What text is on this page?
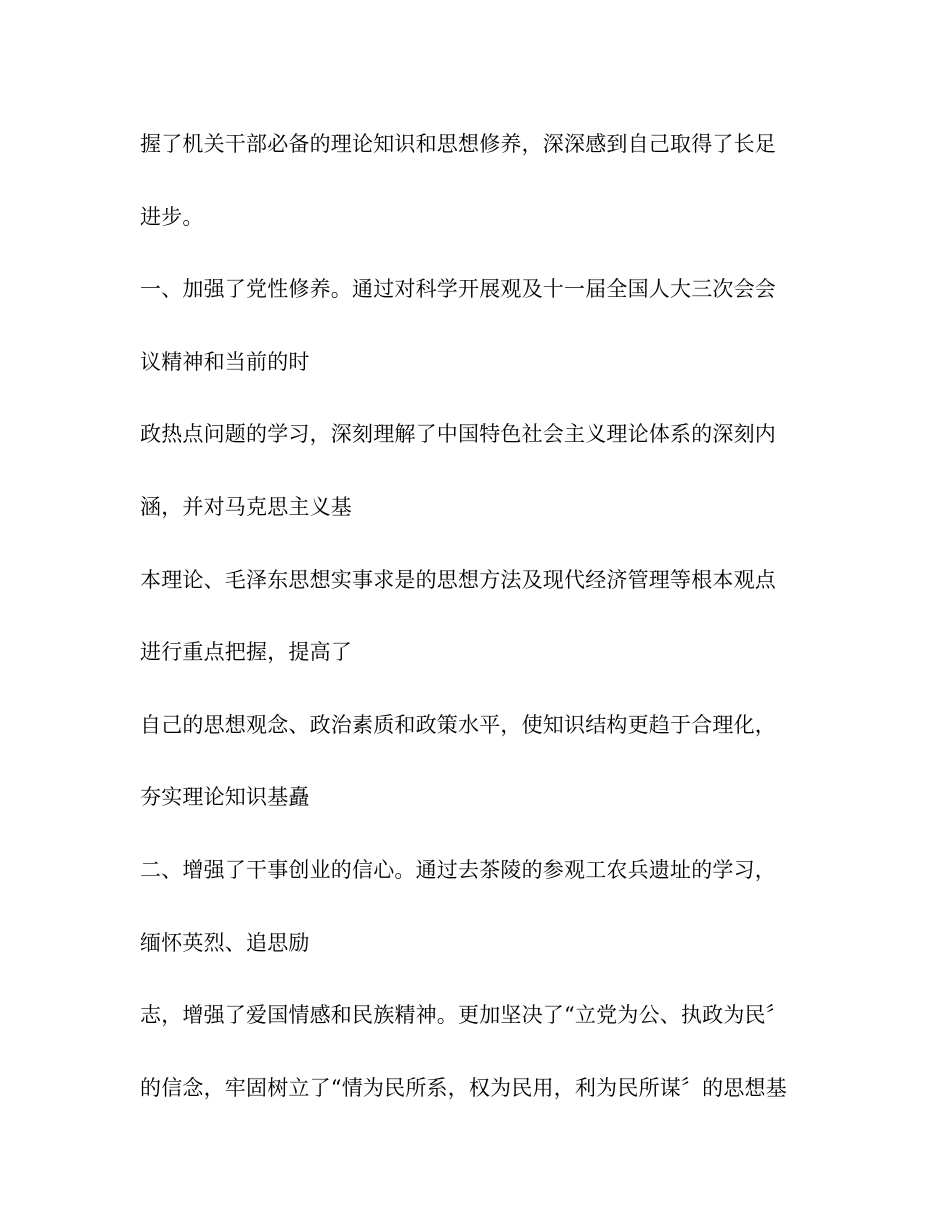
握了机关干部必备的理论知识和思想修养，深深感到自己取得了长足

进步。

一、加强了党性修养。通过对科学开展观及十一届全国人大三次会会

议精神和当前的时

政热点问题的学习，深刻理解了中国特色社会主义理论体系的深刻内

涵，并对马克思主义基

本理论、毛泽东思想实事求是的思想方法及现代经济管理等根本观点

进行重点把握，提高了

自己的思想观念、政治素质和政策水平，使知识结构更趋于合理化，

夯实理论知识基矗

二、增强了干事创业的信心。通过去茶陵的参观工农兵遗址的学习，

缅怀英烈、追思励

志，增强了爱国情感和民族精神。更加坚决了“立党为公、执政为民〞

的信念，牢固树立了“情为民所系，权为民用，利为民所谋〞的思想基
